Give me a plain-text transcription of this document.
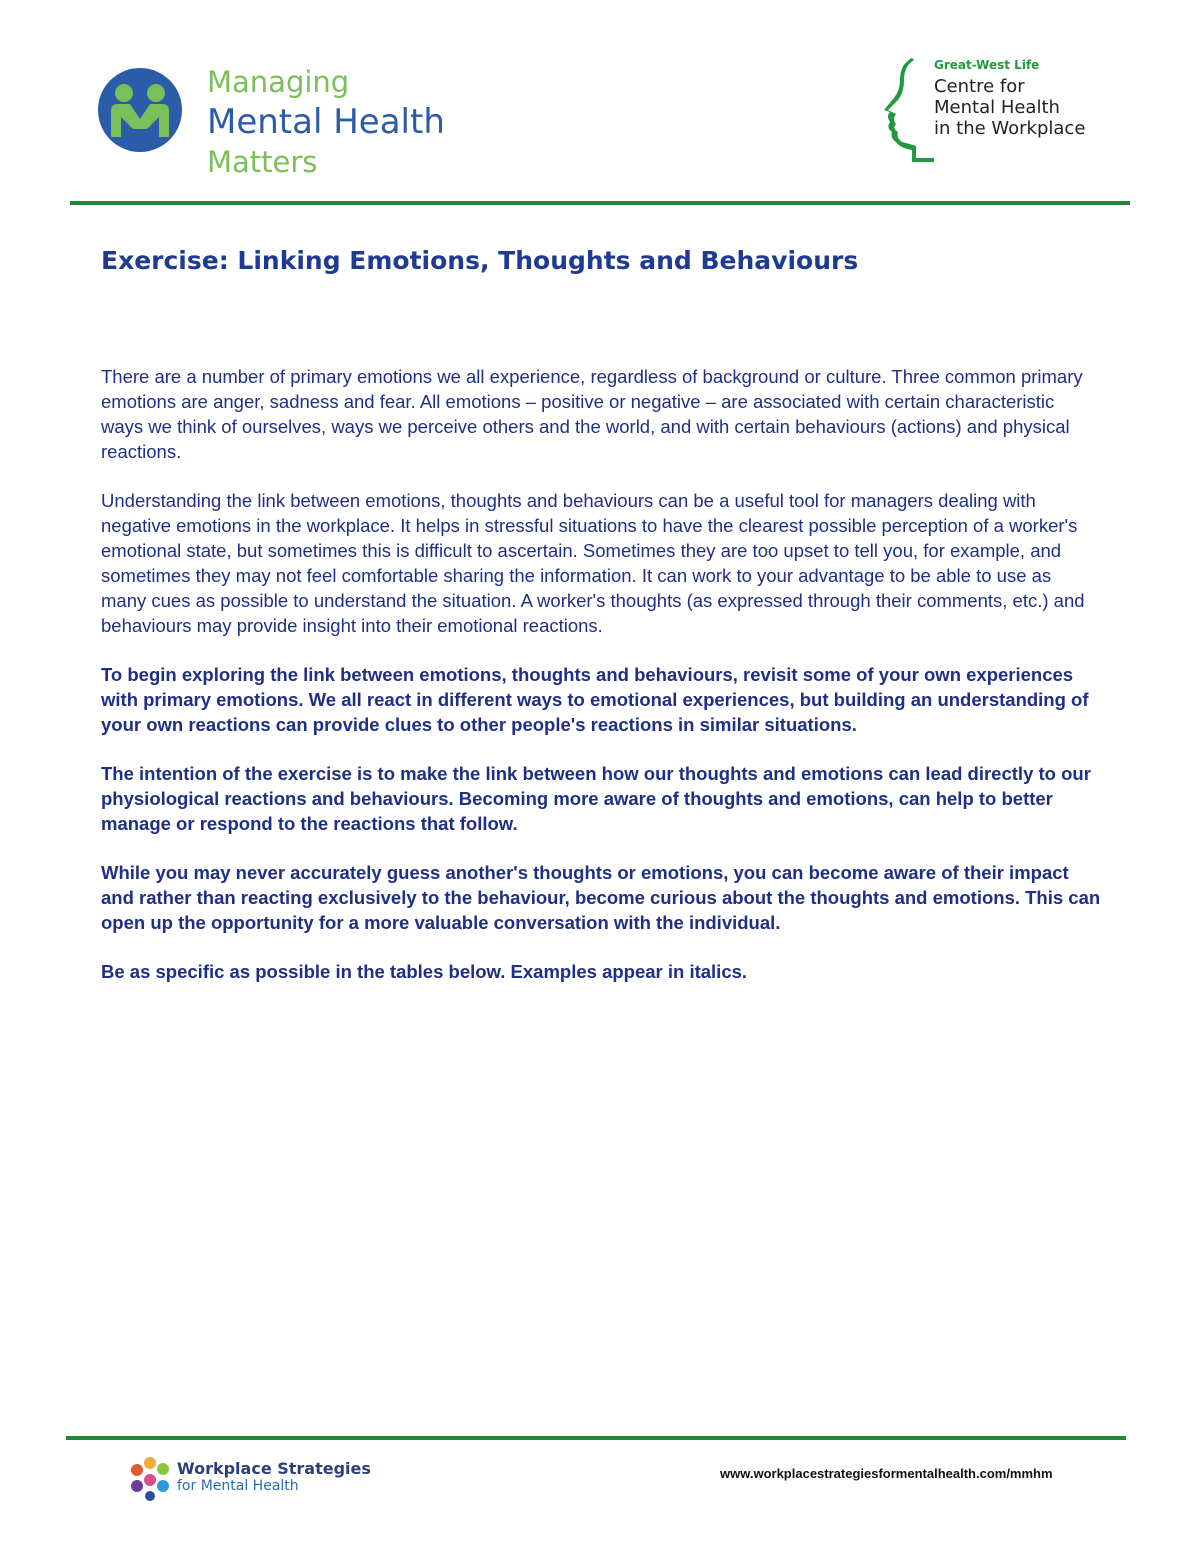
Managing
Mental Health
Matters
Great-West Life
Centre for
Mental Health
in the Workplace
Exercise: Linking Emotions, Thoughts and Behaviours

There are a number of primary emotions we all experience, regardless of background or culture. Three common primary emotions are anger, sadness and fear. All emotions – positive or negative – are associated with certain characteristic ways we think of ourselves, ways we perceive others and the world, and with certain behaviours (actions) and physical reactions.

Understanding the link between emotions, thoughts and behaviours can be a useful tool for managers dealing with negative emotions in the workplace. It helps in stressful situations to have the clearest possible perception of a worker's emotional state, but sometimes this is difficult to ascertain. Sometimes they are too upset to tell you, for example, and sometimes they may not feel comfortable sharing the information. It can work to your advantage to be able to use as many cues as possible to understand the situation. A worker's thoughts (as expressed through their comments, etc.) and behaviours may provide insight into their emotional reactions.

To begin exploring the link between emotions, thoughts and behaviours, revisit some of your own experiences with primary emotions. We all react in different ways to emotional experiences, but building an understanding of your own reactions can provide clues to other people's reactions in similar situations.

The intention of the exercise is to make the link between how our thoughts and emotions can lead directly to our physiological reactions and behaviours. Becoming more aware of thoughts and emotions, can help to better manage or respond to the reactions that follow.

While you may never accurately guess another's thoughts or emotions, you can become aware of their impact and rather than reacting exclusively to the behaviour, become curious about the thoughts and emotions. This can open up the opportunity for a more valuable conversation with the individual.

Be as specific as possible in the tables below. Examples appear in italics.

Workplace Strategies
for Mental Health
www.workplacestrategiesformentalhealth.com/mmhm
